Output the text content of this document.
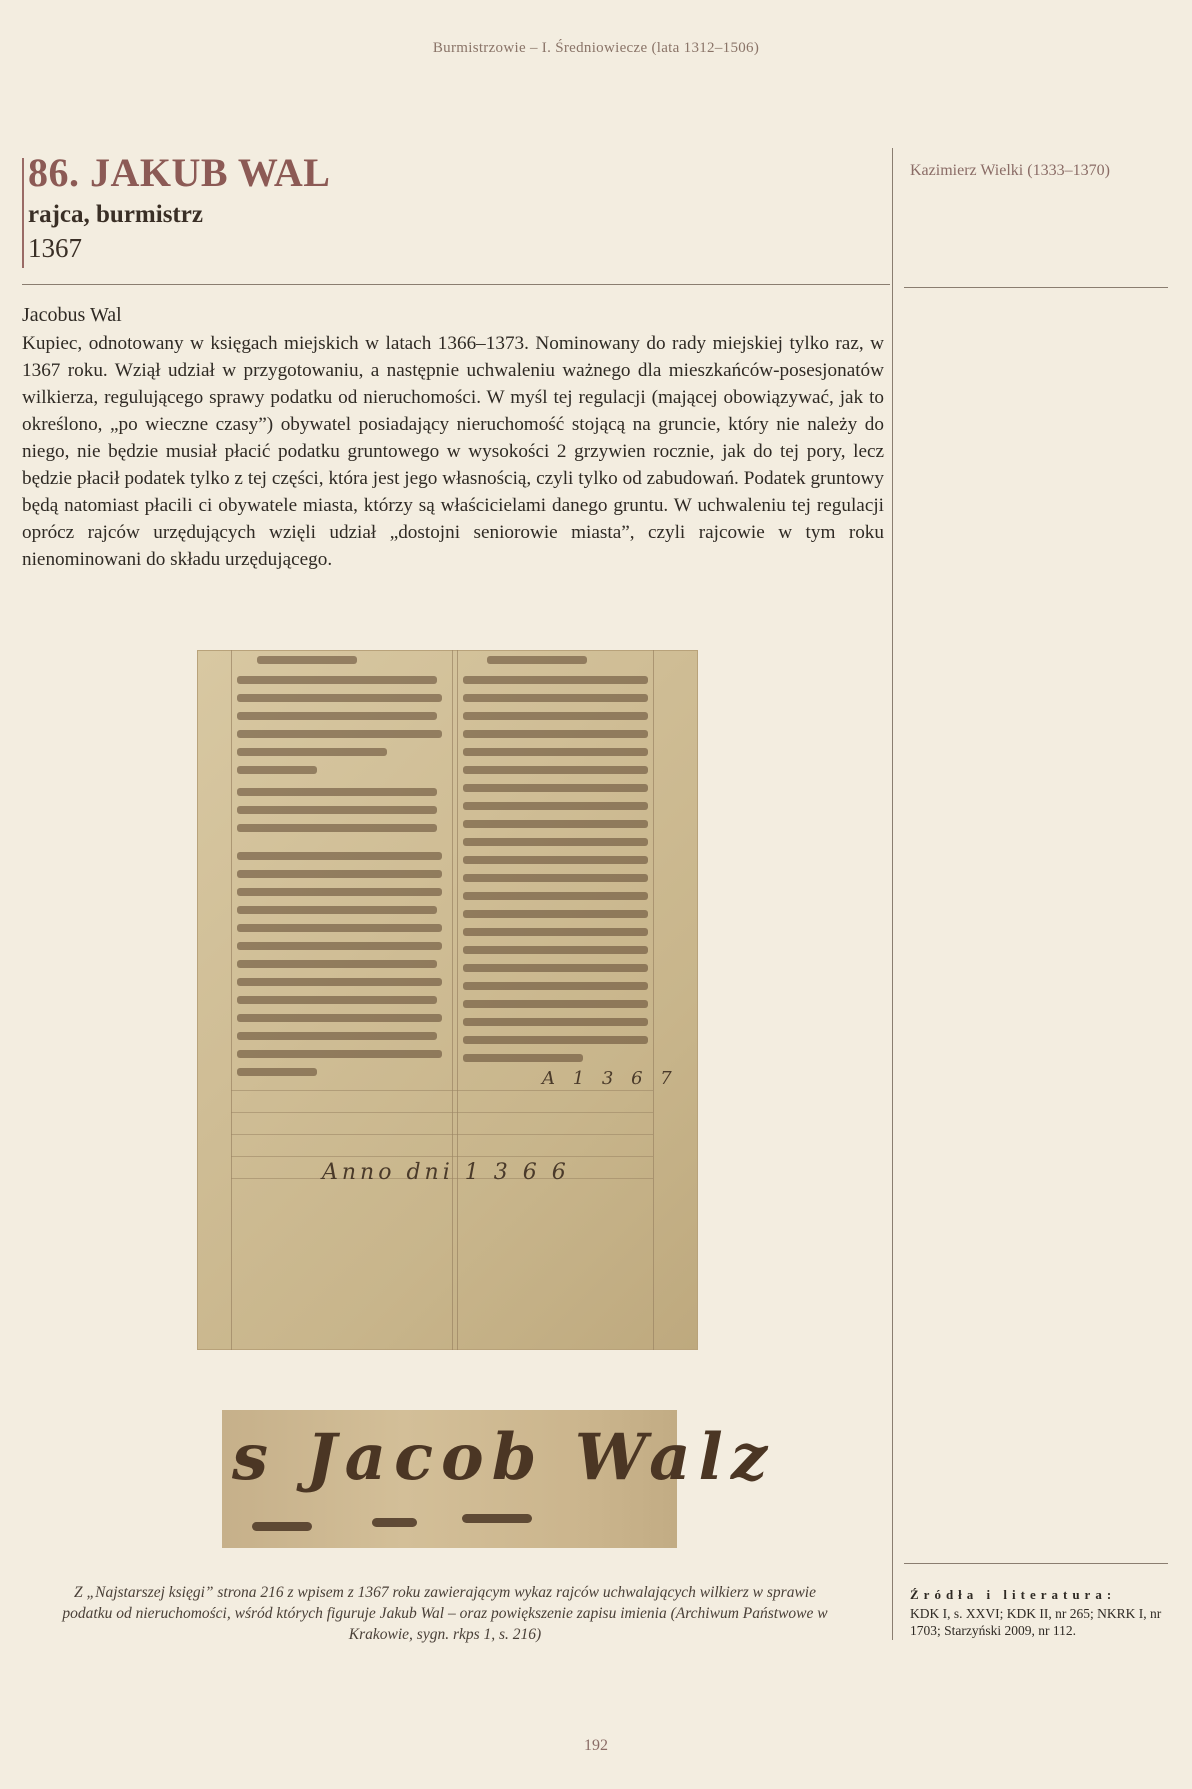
Burmistrzowie – I. Średniowiecze (lata 1312–1506)
86. JAKUB WAL
rajca, burmistrz
1367
Jacobus Wal
Kupiec, odnotowany w księgach miejskich w latach 1366–1373. Nominowany do rady miejskiej tylko raz, w 1367 roku. Wziął udział w przygotowaniu, a następnie uchwaleniu ważnego dla mieszkańców-posesjonatów wilkierza, regulującego sprawy podatku od nieruchomości. W myśl tej regulacji (mającej obowiązywać, jak to określono, „po wieczne czasy”) obywatel posiadający nieruchomość stojącą na gruncie, który nie należy do niego, nie będzie musiał płacić podatku gruntowego w wysokości 2 grzywien rocznie, jak do tej pory, lecz będzie płacił podatek tylko z tej części, która jest jego własnością, czyli tylko od zabudowań. Podatek gruntowy będą natomiast płacili ci obywatele miasta, którzy są właścicielami danego gruntu. W uchwaleniu tej regulacji oprócz rajców urzędujących wzięli udział „dostojni seniorowie miasta”, czyli rajcowie w tym roku nienominowani do składu urzędującego.
Kazimierz Wielki (1333–1370)
A 1 3 6 7
Anno dni 1 3 6 6
s Jacob Walz
Z „Najstarszej księgi” strona 216 z wpisem z 1367 roku zawierającym wykaz rajców uchwalających wilkierz w sprawie podatku od nieruchomości, wśród których figuruje Jakub Wal – oraz powiększenie zapisu imienia (Archiwum Państwowe w Krakowie, sygn. rkps 1, s. 216)
Źródła i literatura:
KDK I, s. XXVI; KDK II, nr 265; NKRK I, nr 1703; Starzyński 2009, nr 112.
192
